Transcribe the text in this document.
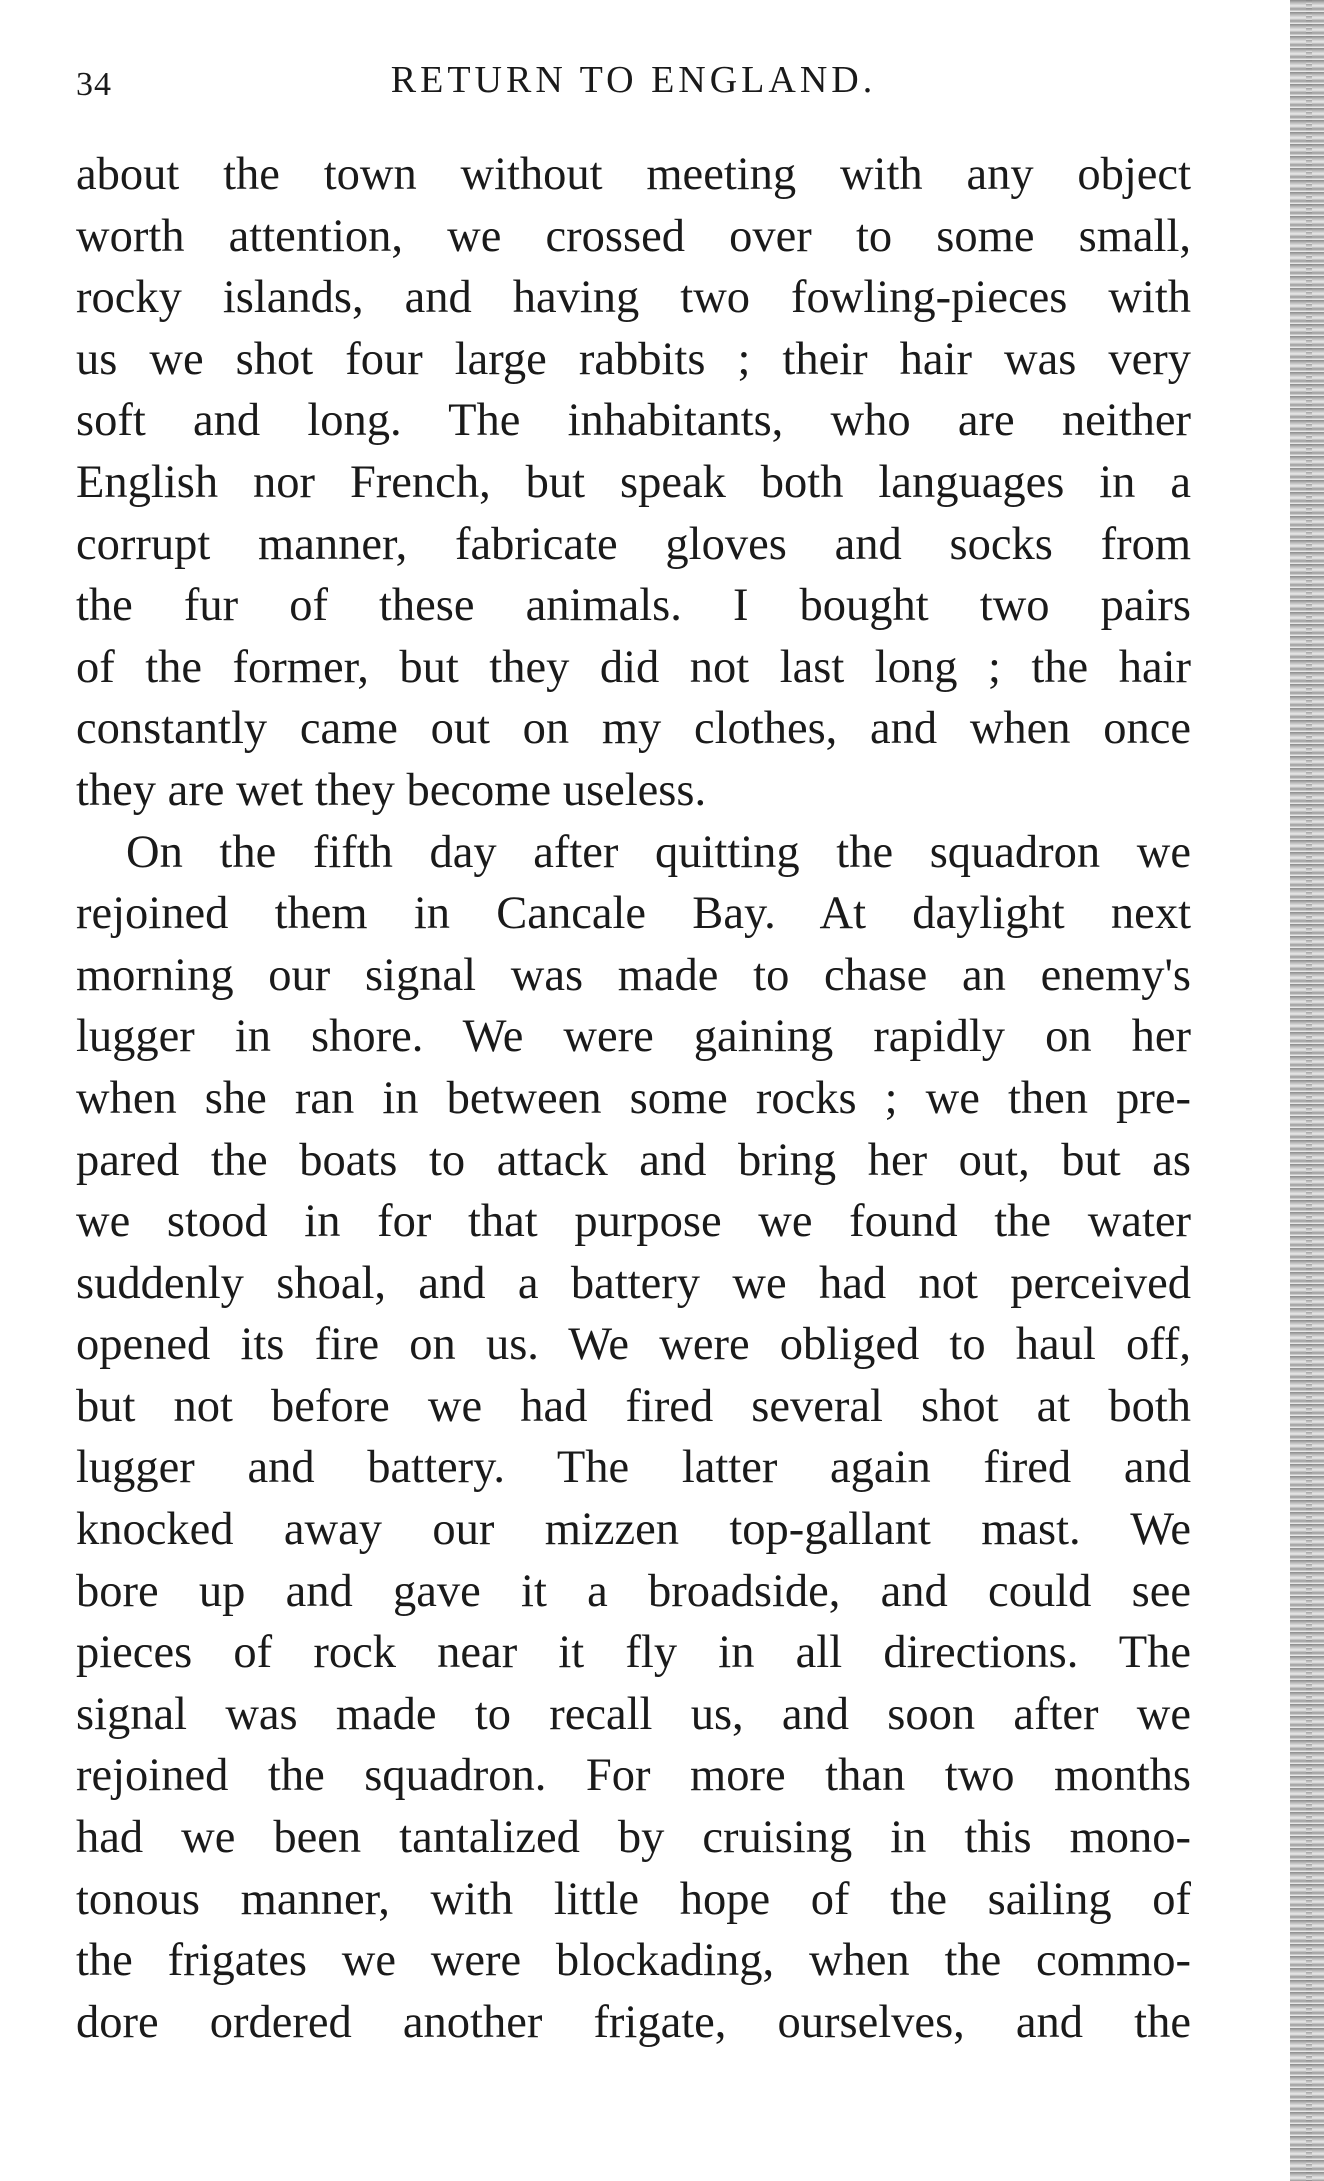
34	RETURN TO ENGLAND.
about the town without meeting with any object
worth attention, we crossed over to some small,
rocky islands, and having two fowling-pieces with
us we shot four large rabbits ; their hair was very
soft and long. The inhabitants, who are neither
English nor French, but speak both languages in a
corrupt manner, fabricate gloves and socks from
the fur of these animals. I bought two pairs
of the former, but they did not last long ; the hair
constantly came out on my clothes, and when once
they are wet they become useless.
On the fifth day after quitting the squadron we
rejoined them in Cancale Bay. At daylight next
morning our signal was made to chase an enemy's
lugger in shore. We were gaining rapidly on her
when she ran in between some rocks ; we then pre-
pared the boats to attack and bring her out, but as
we stood in for that purpose we found the water
suddenly shoal, and a battery we had not perceived
opened its fire on us. We were obliged to haul off,
but not before we had fired several shot at both
lugger and battery. The latter again fired and
knocked away our mizzen top-gallant mast. We
bore up and gave it a broadside, and could see
pieces of rock near it fly in all directions. The
signal was made to recall us, and soon after we
rejoined the squadron. For more than two months
had we been tantalized by cruising in this mono-
tonous manner, with little hope of the sailing of
the frigates we were blockading, when the commo-
dore ordered another frigate, ourselves, and the
